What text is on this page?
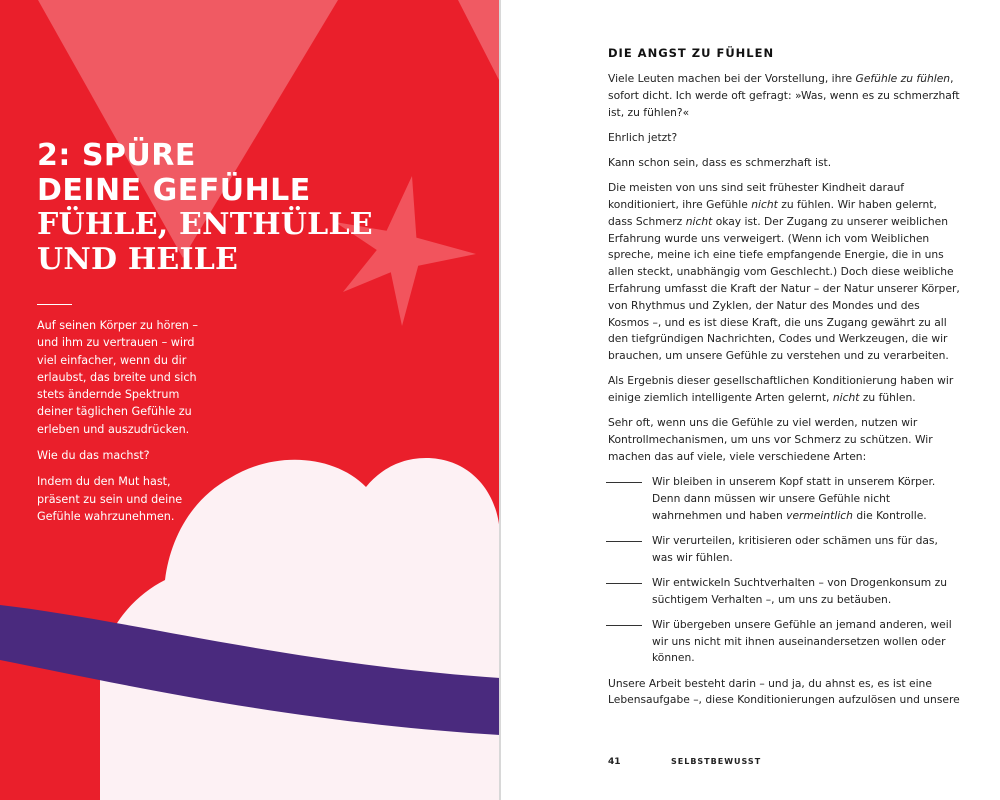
2: SPÜRE
DEINE GEFÜHLE
FÜHLE, ENTHÜLLE
UND HEILE

Auf seinen Körper zu hören – und ihm zu vertrauen – wird viel einfacher, wenn du dir erlaubst, das breite und sich stets ändernde Spektrum deiner täglichen Gefühle zu erleben und auszudrücken.

Wie du das machst?

Indem du den Mut hast, präsent zu sein und deine Gefühle wahrzunehmen.

DIE ANGST ZU FÜHLEN

Viele Leuten machen bei der Vorstellung, ihre Gefühle zu fühlen, sofort dicht. Ich werde oft gefragt: »Was, wenn es zu schmerzhaft ist, zu fühlen?«

Ehrlich jetzt?

Kann schon sein, dass es schmerzhaft ist.

Die meisten von uns sind seit frühester Kindheit darauf konditioniert, ihre Gefühle nicht zu fühlen. Wir haben gelernt, dass Schmerz nicht okay ist. Der Zugang zu unserer weiblichen Erfahrung wurde uns verweigert. (Wenn ich vom Weiblichen spreche, meine ich eine tiefe empfangende Energie, die in uns allen steckt, unabhängig vom Geschlecht.) Doch diese weibliche Erfahrung umfasst die Kraft der Natur – der Natur unserer Körper, von Rhythmus und Zyklen, der Natur des Mondes und des Kosmos –, und es ist diese Kraft, die uns Zugang gewährt zu all den tiefgründigen Nachrichten, Codes und Werkzeugen, die wir brauchen, um unsere Gefühle zu verstehen und zu verarbeiten.

Als Ergebnis dieser gesellschaftlichen Konditionierung haben wir einige ziemlich intelligente Arten gelernt, nicht zu fühlen.

Sehr oft, wenn uns die Gefühle zu viel werden, nutzen wir Kontrollmechanismen, um uns vor Schmerz zu schützen. Wir machen das auf viele, viele verschiedene Arten:

Wir bleiben in unserem Kopf statt in unserem Körper. Denn dann müssen wir unsere Gefühle nicht wahrnehmen und haben vermeintlich die Kontrolle.
Wir verurteilen, kritisieren oder schämen uns für das, was wir fühlen.
Wir entwickeln Suchtverhalten – von Drogenkonsum zu süchtigem Verhalten –, um uns zu betäuben.
Wir übergeben unsere Gefühle an jemand anderen, weil wir uns nicht mit ihnen auseinandersetzen wollen oder können.

Unsere Arbeit besteht darin – und ja, du ahnst es, es ist eine Lebensaufgabe –, diese Konditionierungen aufzulösen und unsere

41	SELBSTBEWUSST
